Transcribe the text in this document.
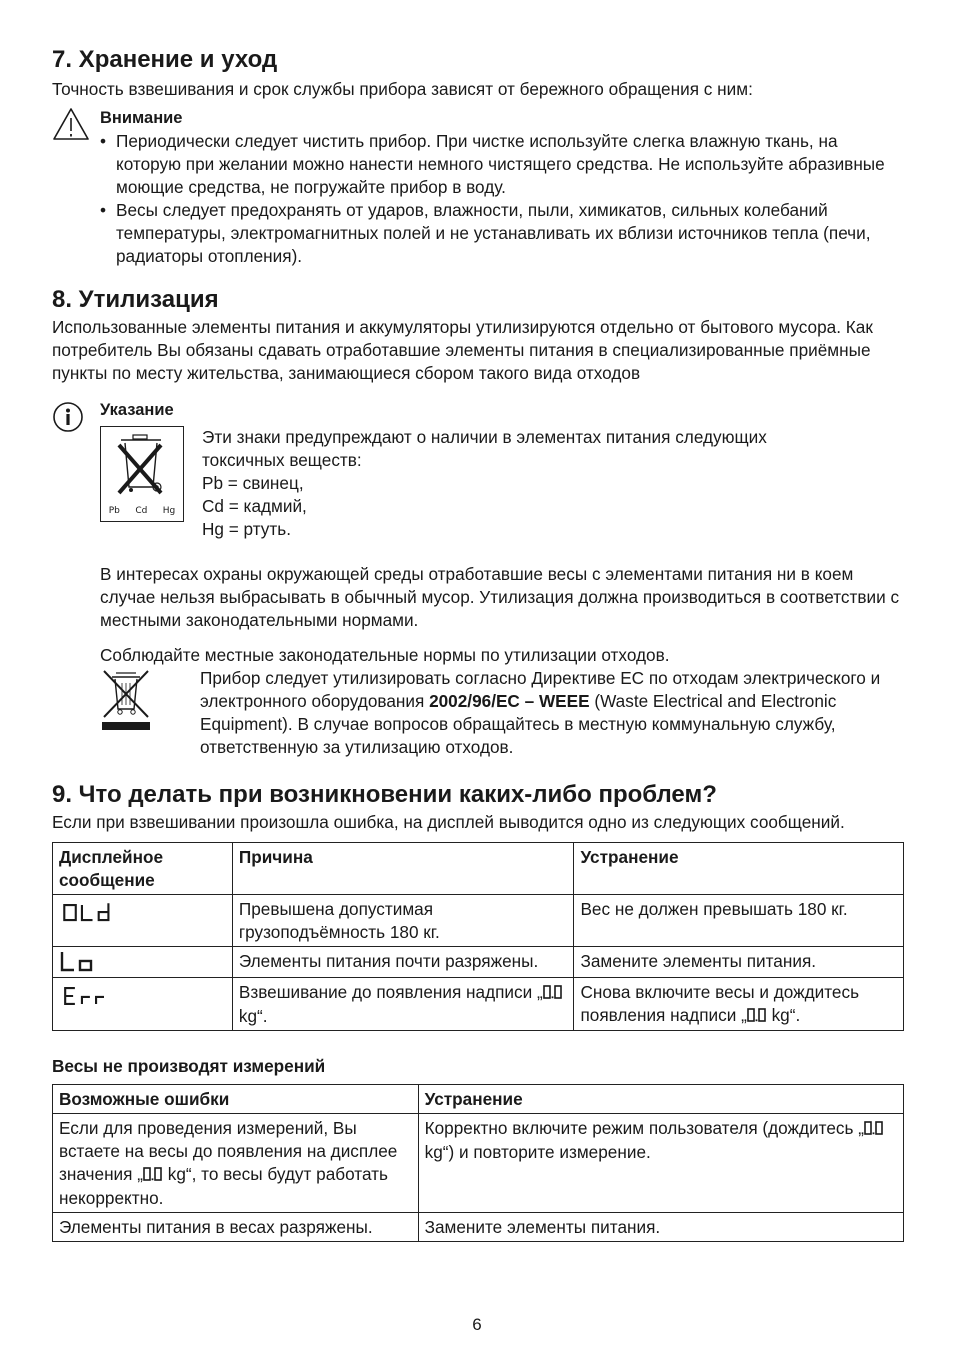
7. Хранение и уход

Точность взвешивания и срок службы прибора зависят от бережного обращения с ним:

Внимание
• Периодически следует чистить прибор. При чистке используйте слегка влажную ткань, на которую при желании можно нанести немного чистящего средства. Не используйте абразивные моющие средства, не погружайте прибор в воду.
• Весы следует предохранять от ударов, влажности, пыли, химикатов, сильных колебаний температуры, электромагнитных полей и не устанавливать их вблизи источников тепла (печи, радиаторы отопления).
8. Утилизация

Использованные элементы питания и аккумуляторы утилизируются отдельно от бытового мусора. Как потребитель Вы обязаны сдавать отработавшие элементы питания в специализированные приёмные пункты по месту жительства, занимающиеся сбором такого вида отходов

Указание
Pb Cd Hg
Эти знаки предупреждают о наличии в элементах питания следующих
токсичных веществ:
Pb = свинец,
Cd = кадмий,
Hg = ртуть.

В интересах охраны окружающей среды отработавшие весы с элементами питания ни в коем случае нельзя выбрасывать в обычный мусор. Утилизация должна производиться в соответствии с местными законодательными нормами.

Соблюдайте местные законодательные нормы по утилизации отходов.

Прибор следует утилизировать согласно Директиве ЕС по отходам электрического и электронного оборудования 2002/96/EC – WEEE (Waste Electrical and Electronic Equipment). В случае вопросов обращайтесь в местную коммунальную службу, ответственную за утилизацию отходов.

9. Что делать при возникновении каких-либо проблем?

Если при взвешивании произошла ошибка, на дисплей выводится одно из следующих сообщений.

Дисплейное сообщение	Причина	Устранение

	Превышена допустимая грузоподъёмность 180 кг.	Вес не должен превышать 180 кг.

	Элементы питания почти разряжены.	Замените элементы питания.

	Взвешивание до появления надписи „ kg“.	Снова включите весы и дождитесь появления надписи „ kg“.
Весы не производят измерений
Возможные ошибки	Устранение
Если для проведения измерений, Вы встаете на весы до появления на дисплее значения „ kg“, то весы будут работать некорректно.	Корректно включите режим пользователя (дождитесь „ kg“) и повторите измерение.
Элементы питания в весах разряжены.	Замените элементы питания.
6
